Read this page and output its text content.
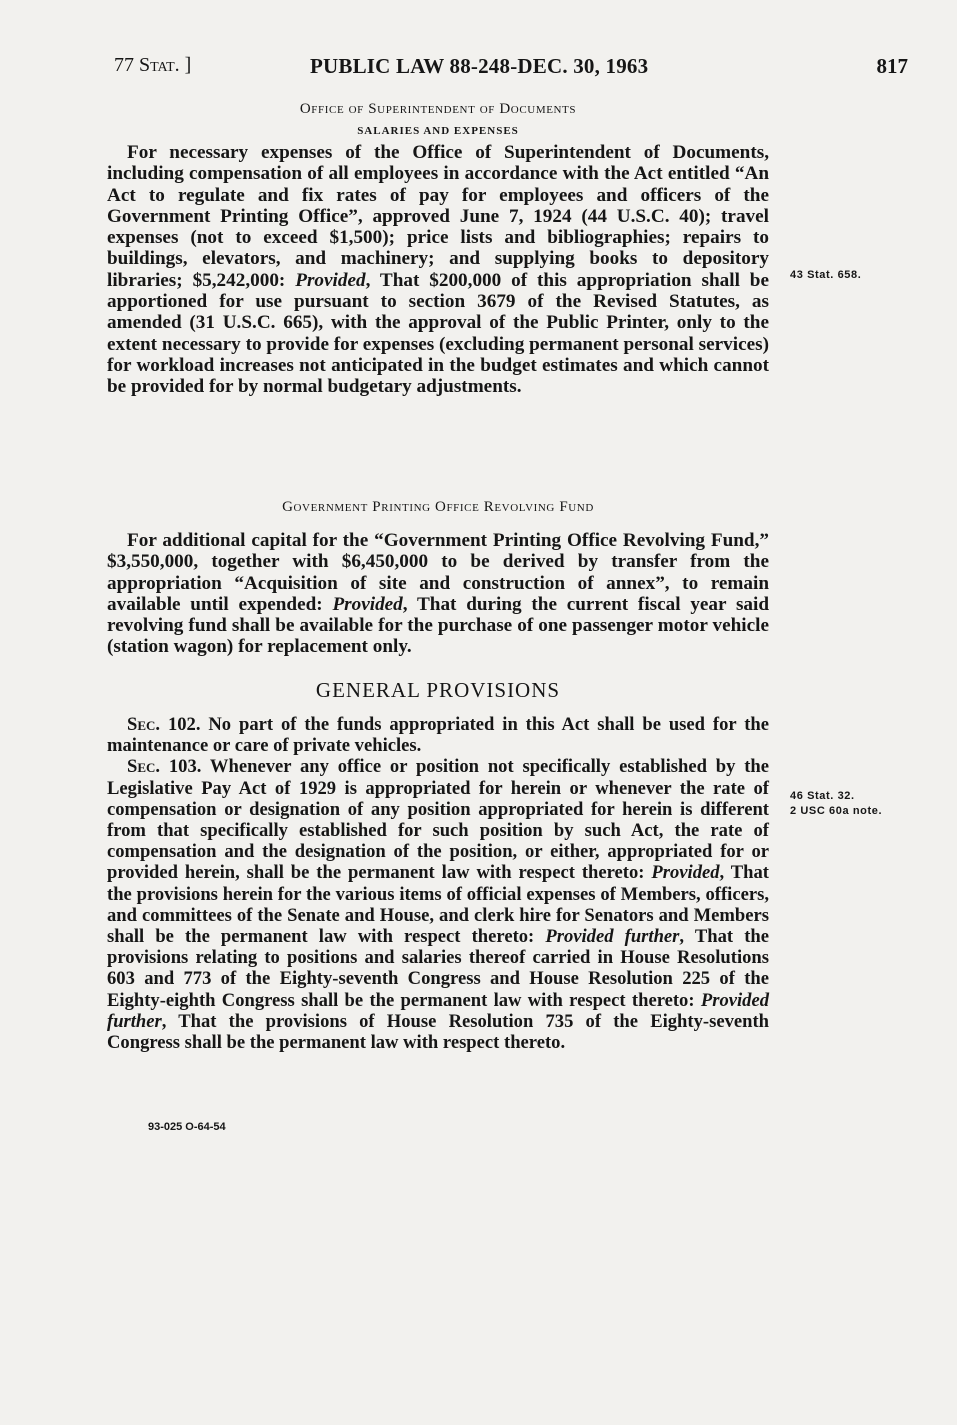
77 Stat. ]	PUBLIC LAW 88-248-DEC. 30, 1963	817

Office of Superintendent of Documents

SALARIES AND EXPENSES

For necessary expenses of the Office of Superintendent of Documents, including compensation of all employees in accordance with the Act entitled “An Act to regulate and fix rates of pay for employees and officers of the Government Printing Office”, approved June 7, 1924 (44 U.S.C. 40); travel expenses (not to exceed $1,500); price lists and bibliographies; repairs to buildings, elevators, and machinery; and supplying books to depository libraries; $5,242,000: Provided, That $200,000 of this appropriation shall be apportioned for use pursuant to section 3679 of the Revised Statutes, as amended (31 U.S.C. 665), with the approval of the Public Printer, only to the extent necessary to provide for expenses (excluding permanent personal services) for workload increases not anticipated in the budget estimates and which cannot be provided for by normal budgetary adjustments.

Government Printing Office Revolving Fund

For additional capital for the “Government Printing Office Revolving Fund,” $3,550,000, together with $6,450,000 to be derived by transfer from the appropriation “Acquisition of site and construction of annex”, to remain available until expended: Provided, That during the current fiscal year said revolving fund shall be available for the purchase of one passenger motor vehicle (station wagon) for replacement only.

GENERAL PROVISIONS

Sec. 102. No part of the funds appropriated in this Act shall be used for the maintenance or care of private vehicles.

Sec. 103. Whenever any office or position not specifically established by the Legislative Pay Act of 1929 is appropriated for herein or whenever the rate of compensation or designation of any position appropriated for herein is different from that specifically established for such position by such Act, the rate of compensation and the designation of the position, or either, appropriated for or provided herein, shall be the permanent law with respect thereto: Provided, That the provisions herein for the various items of official expenses of Members, officers, and committees of the Senate and House, and clerk hire for Senators and Members shall be the permanent law with respect thereto: Provided further, That the provisions relating to positions and salaries thereof carried in House Resolutions 603 and 773 of the Eighty-seventh Congress and House Resolution 225 of the Eighty-eighth Congress shall be the permanent law with respect thereto: Provided further, That the provisions of House Resolution 735 of the Eighty-seventh Congress shall be the permanent law with respect thereto.

43 Stat. 658.
46 Stat. 32.
2 USC 60a note.
93-025 O-64-54
